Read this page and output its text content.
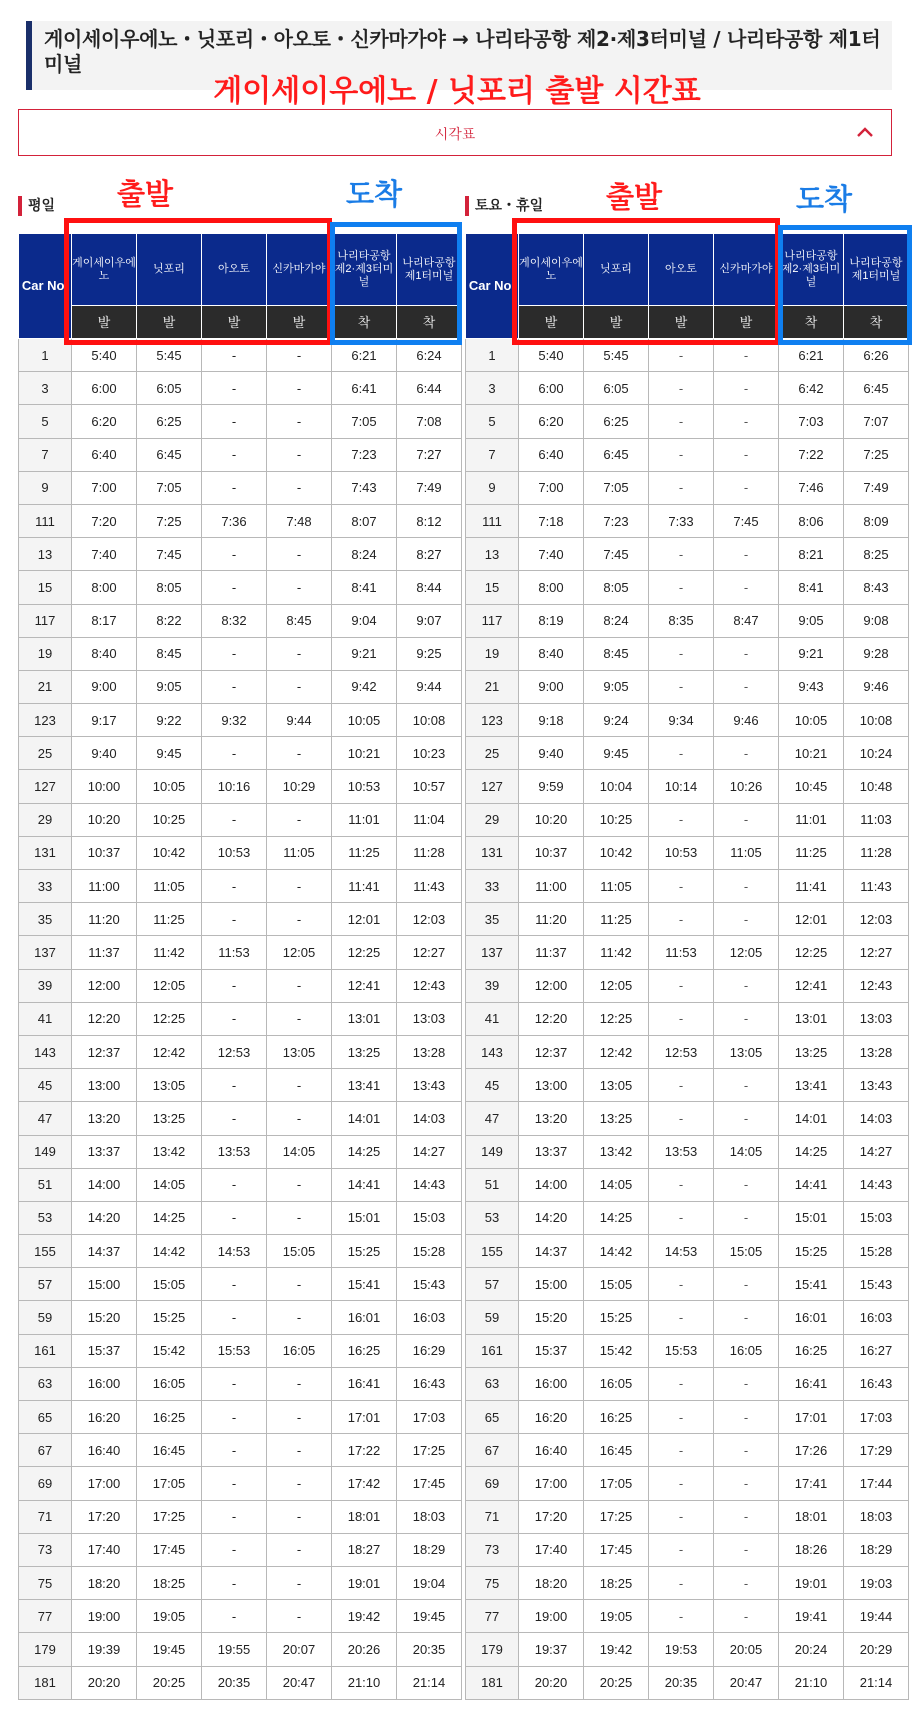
게이세이우에노・닛포리・아오토・신카마가야 → 나리타공항 제2·제3터미널 / 나리타공항 제1터미널
게이세이우에노 / 닛포리 출발 시간표
시각표
출발	도착	출발	도착
평일	토요・휴일
Car No.	게이세이우에노	닛포리	아오토	신카마가야	나리타공항 제2·제3터미널	나리타공항 제1터미널
	발	발	발	발	착	착
1	5:40	5:45	-	-	6:21	6:24
3	6:00	6:05	-	-	6:41	6:44
5	6:20	6:25	-	-	7:05	7:08
7	6:40	6:45	-	-	7:23	7:27
9	7:00	7:05	-	-	7:43	7:49
111	7:20	7:25	7:36	7:48	8:07	8:12
13	7:40	7:45	-	-	8:24	8:27
15	8:00	8:05	-	-	8:41	8:44
117	8:17	8:22	8:32	8:45	9:04	9:07
19	8:40	8:45	-	-	9:21	9:25
21	9:00	9:05	-	-	9:42	9:44
123	9:17	9:22	9:32	9:44	10:05	10:08
25	9:40	9:45	-	-	10:21	10:23
127	10:00	10:05	10:16	10:29	10:53	10:57
29	10:20	10:25	-	-	11:01	11:04
131	10:37	10:42	10:53	11:05	11:25	11:28
33	11:00	11:05	-	-	11:41	11:43
35	11:20	11:25	-	-	12:01	12:03
137	11:37	11:42	11:53	12:05	12:25	12:27
39	12:00	12:05	-	-	12:41	12:43
41	12:20	12:25	-	-	13:01	13:03
143	12:37	12:42	12:53	13:05	13:25	13:28
45	13:00	13:05	-	-	13:41	13:43
47	13:20	13:25	-	-	14:01	14:03
149	13:37	13:42	13:53	14:05	14:25	14:27
51	14:00	14:05	-	-	14:41	14:43
53	14:20	14:25	-	-	15:01	15:03
155	14:37	14:42	14:53	15:05	15:25	15:28
57	15:00	15:05	-	-	15:41	15:43
59	15:20	15:25	-	-	16:01	16:03
161	15:37	15:42	15:53	16:05	16:25	16:29
63	16:00	16:05	-	-	16:41	16:43
65	16:20	16:25	-	-	17:01	17:03
67	16:40	16:45	-	-	17:22	17:25
69	17:00	17:05	-	-	17:42	17:45
71	17:20	17:25	-	-	18:01	18:03
73	17:40	17:45	-	-	18:27	18:29
75	18:20	18:25	-	-	19:01	19:04
77	19:00	19:05	-	-	19:42	19:45
179	19:39	19:45	19:55	20:07	20:26	20:35
181	20:20	20:25	20:35	20:47	21:10	21:14
Car No.	게이세이우에노	닛포리	아오토	신카마가야	나리타공항 제2·제3터미널	나리타공항 제1터미널
	발	발	발	발	착	착
1	5:40	5:45	-	-	6:21	6:26
3	6:00	6:05	-	-	6:42	6:45
5	6:20	6:25	-	-	7:03	7:07
7	6:40	6:45	-	-	7:22	7:25
9	7:00	7:05	-	-	7:46	7:49
111	7:18	7:23	7:33	7:45	8:06	8:09
13	7:40	7:45	-	-	8:21	8:25
15	8:00	8:05	-	-	8:41	8:43
117	8:19	8:24	8:35	8:47	9:05	9:08
19	8:40	8:45	-	-	9:21	9:28
21	9:00	9:05	-	-	9:43	9:46
123	9:18	9:24	9:34	9:46	10:05	10:08
25	9:40	9:45	-	-	10:21	10:24
127	9:59	10:04	10:14	10:26	10:45	10:48
29	10:20	10:25	-	-	11:01	11:03
131	10:37	10:42	10:53	11:05	11:25	11:28
33	11:00	11:05	-	-	11:41	11:43
35	11:20	11:25	-	-	12:01	12:03
137	11:37	11:42	11:53	12:05	12:25	12:27
39	12:00	12:05	-	-	12:41	12:43
41	12:20	12:25	-	-	13:01	13:03
143	12:37	12:42	12:53	13:05	13:25	13:28
45	13:00	13:05	-	-	13:41	13:43
47	13:20	13:25	-	-	14:01	14:03
149	13:37	13:42	13:53	14:05	14:25	14:27
51	14:00	14:05	-	-	14:41	14:43
53	14:20	14:25	-	-	15:01	15:03
155	14:37	14:42	14:53	15:05	15:25	15:28
57	15:00	15:05	-	-	15:41	15:43
59	15:20	15:25	-	-	16:01	16:03
161	15:37	15:42	15:53	16:05	16:25	16:27
63	16:00	16:05	-	-	16:41	16:43
65	16:20	16:25	-	-	17:01	17:03
67	16:40	16:45	-	-	17:26	17:29
69	17:00	17:05	-	-	17:41	17:44
71	17:20	17:25	-	-	18:01	18:03
73	17:40	17:45	-	-	18:26	18:29
75	18:20	18:25	-	-	19:01	19:03
77	19:00	19:05	-	-	19:41	19:44
179	19:37	19:42	19:53	20:05	20:24	20:29
181	20:20	20:25	20:35	20:47	21:10	21:14
